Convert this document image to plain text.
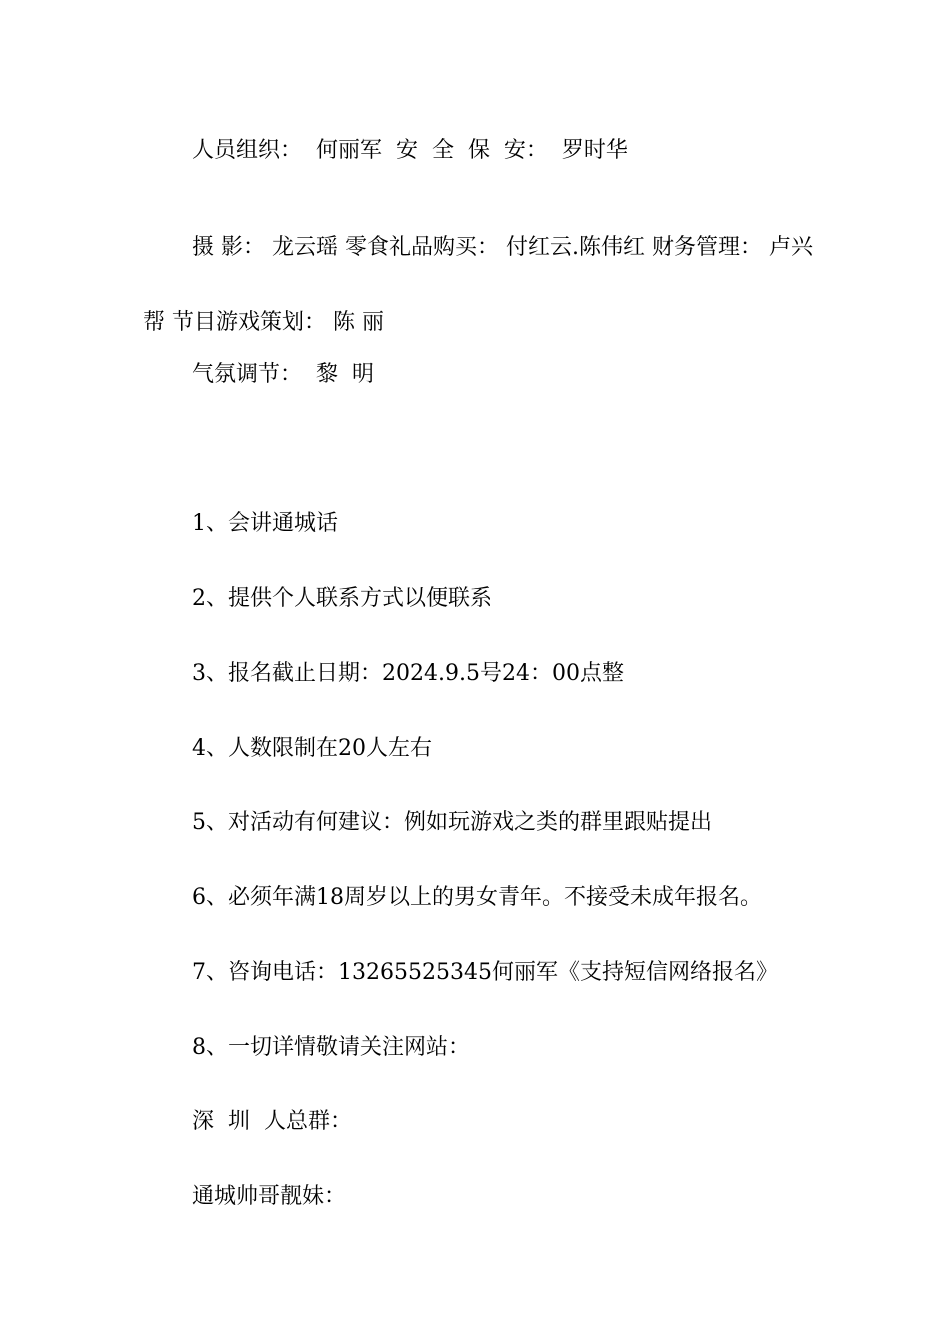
人员组织：  何丽军  安  全  保  安：  罗时华
摄 影： 龙云瑶 零食礼品购买： 付红云.陈伟红 财务管理： 卢兴帮 节目游戏策划： 陈 丽
气氛调节：  黎  明
1、会讲通城话
2、提供个人联系方式以便联系
3、报名截止日期：2024.9.5号24：00点整
4、人数限制在20人左右
5、对活动有何建议：例如玩游戏之类的群里跟贴提出
6、必须年满18周岁以上的男女青年。不接受未成年报名。
7、咨询电话：13265525345何丽军《支持短信网络报名》
8、一切详情敬请关注网站：
深  圳  人总群：
通城帅哥靓妹：
